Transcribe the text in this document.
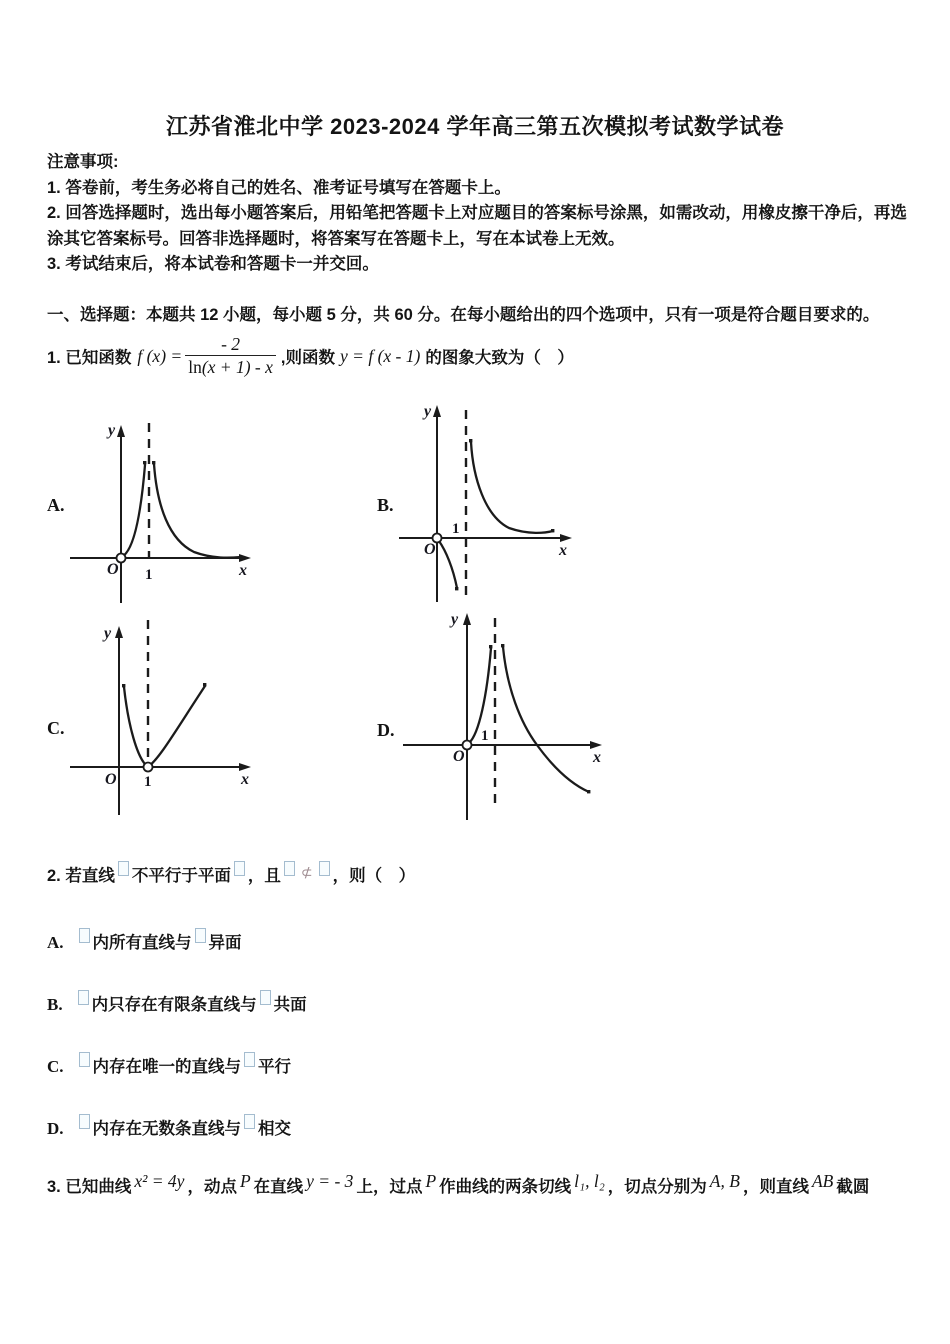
江苏省淮北中学 2023-2024 学年高三第五次模拟考试数学试卷
注意事项:
1. 答卷前，考生务必将自己的姓名、准考证号填写在答题卡上。
2. 回答选择题时，选出每小题答案后，用铅笔把答题卡上对应题目的答案标号涂黑，如需改动，用橡皮擦干净后，再选涂其它答案标号。回答非选择题时，将答案写在答题卡上，写在本试卷上无效。
3. 考试结束后，将本试卷和答题卡一并交回。
一、选择题：本题共 12 小题，每小题 5 分，共 60 分。在每小题给出的四个选项中，只有一项是符合题目要求的。
1. 已知函数 f $(x) = \frac{- 2}{\ln(x + 1) - x}$ ,则函数 y = f (x - 1) 的图象大致为（　）
A.	B.
C.	D.
y
x
O 1
y
x
O
1
y
x
O 1
y
x
O
1
2. 若直线 不平行于平面 ，且 ⊄ ，则（　）
A. 内所有直线与 异面
B. 内只存在有限条直线与 共面
C. 内存在唯一的直线与 平行
D. 内存在无数条直线与 相交
3. 已知曲线 x² = 4y ，动点 P 在直线 y = - 3 上，过点 P 作曲线的两条切线 l₁, l₂ ，切点分别为 A, B ，则直线 AB 截圆
